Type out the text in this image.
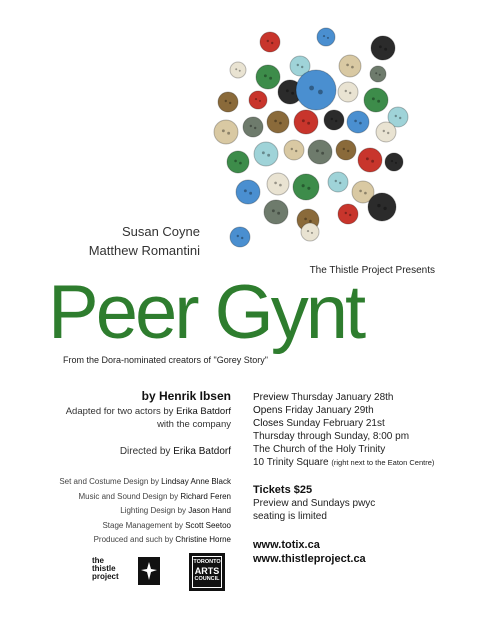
Susan Coyne
Matthew Romantini
The Thistle Project Presents
Peer Gynt
From the Dora-nominated creators of "Gorey Story"
by Henrik Ibsen
Adapted for two actors by Erika Batdorf
with the company
Directed by Erika Batdorf
Set and Costume Design by Lindsay Anne Black
Music and Sound Design by Richard Feren
Lighting Design by Jason Hand
Stage Management by Scott Seetoo
Produced and such by Christine Horne
Preview Thursday January 28th
Opens Friday January 29th
Closes Sunday February 21st
Thursday through Sunday, 8:00 pm
The Church of the Holy Trinity
10 Trinity Square (right next to the Eaton Centre)
Tickets $25
Preview and Sundays pwyc
seating is limited
www.totix.ca
www.thistleproject.ca
the
thistle
project
TORONTO
ARTS
COUNCIL
